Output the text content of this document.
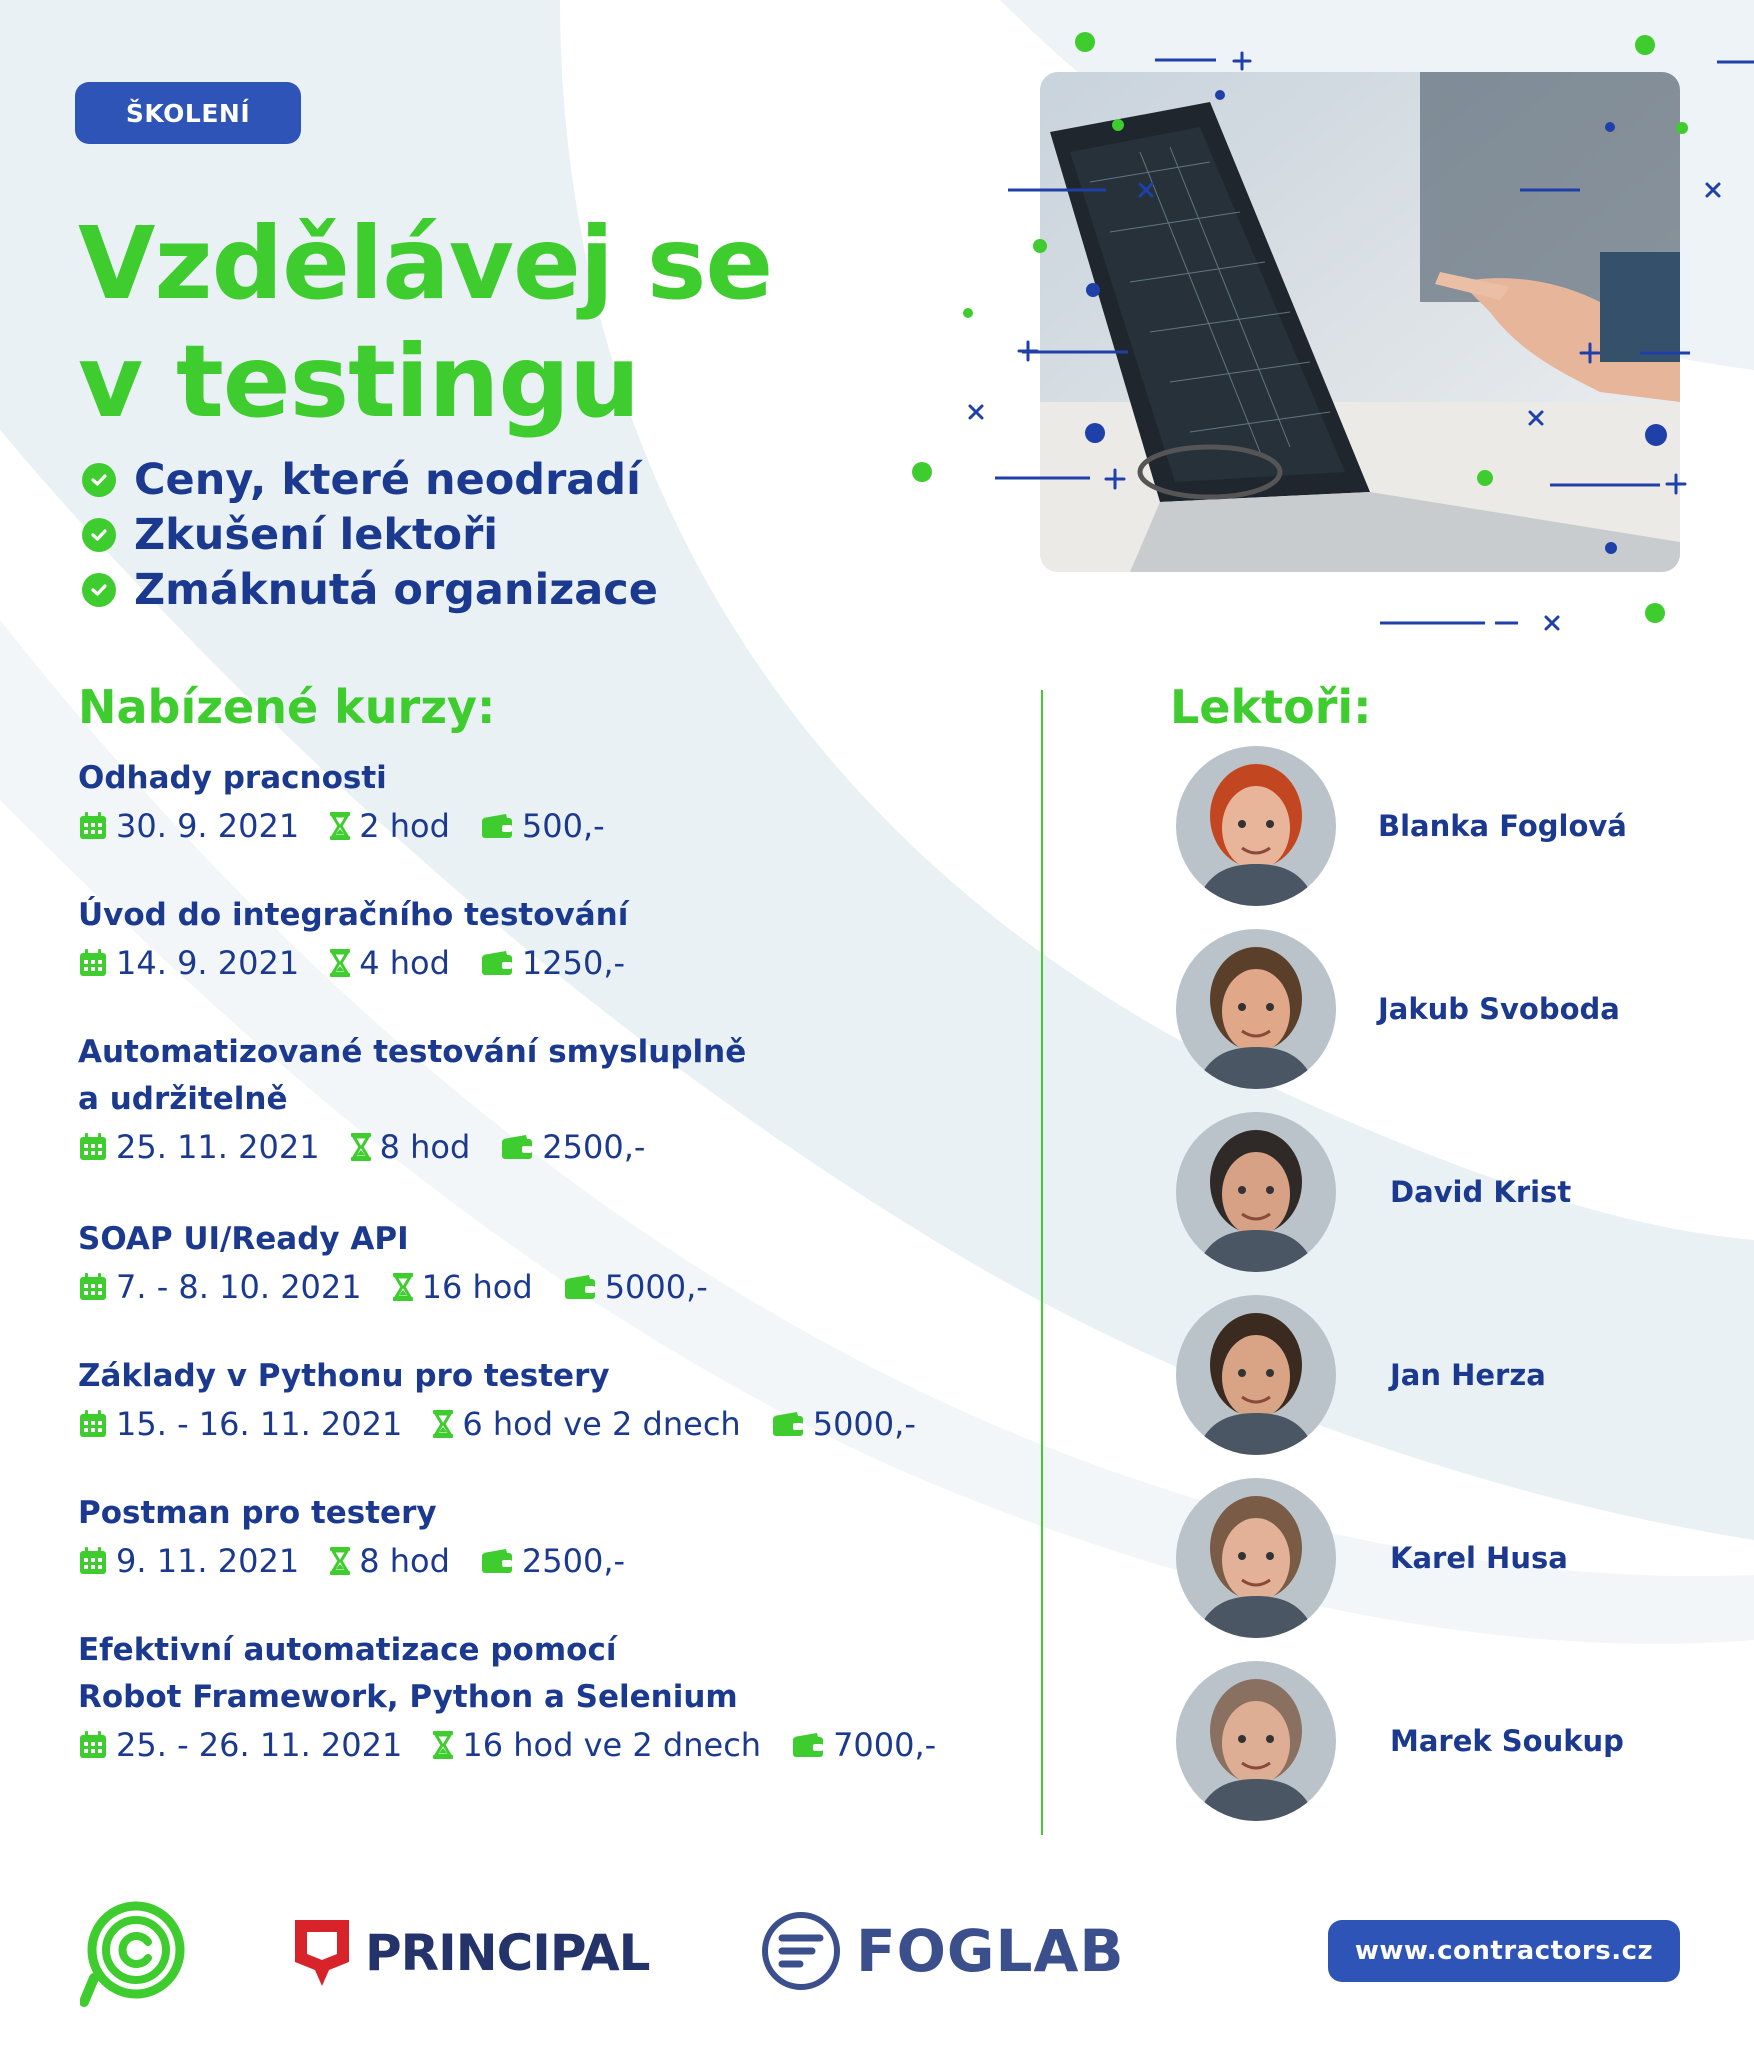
ŠKOLENÍ
Vzdělávej se
v testingu
Ceny, které neodradí
Zkušení lektoři
Zmáknutá organizace
Nabízené kurzy:	Lektoři:
Odhady pracnosti
30. 9. 2021 2 hod 500,-
Úvod do integračního testování
14. 9. 2021 4 hod 1250,-
Automatizované testování smysluplně
a udržitelně
25. 11. 2021 8 hod 2500,-
SOAP UI/Ready API
7. - 8. 10. 2021 16 hod 5000,-
Základy v Pythonu pro testery
15. - 16. 11. 2021 6 hod ve 2 dnech 5000,-
Postman pro testery
9. 11. 2021 8 hod 2500,-
Efektivní automatizace pomocí
Robot Framework, Python a Selenium
25. - 26. 11. 2021 16 hod ve 2 dnech 7000,-
Blanka Foglová
Jakub Svoboda
David Krist
Jan Herza
Karel Husa
Marek Soukup
PRINCIPAL	FOGLAB	www.contractors.cz
